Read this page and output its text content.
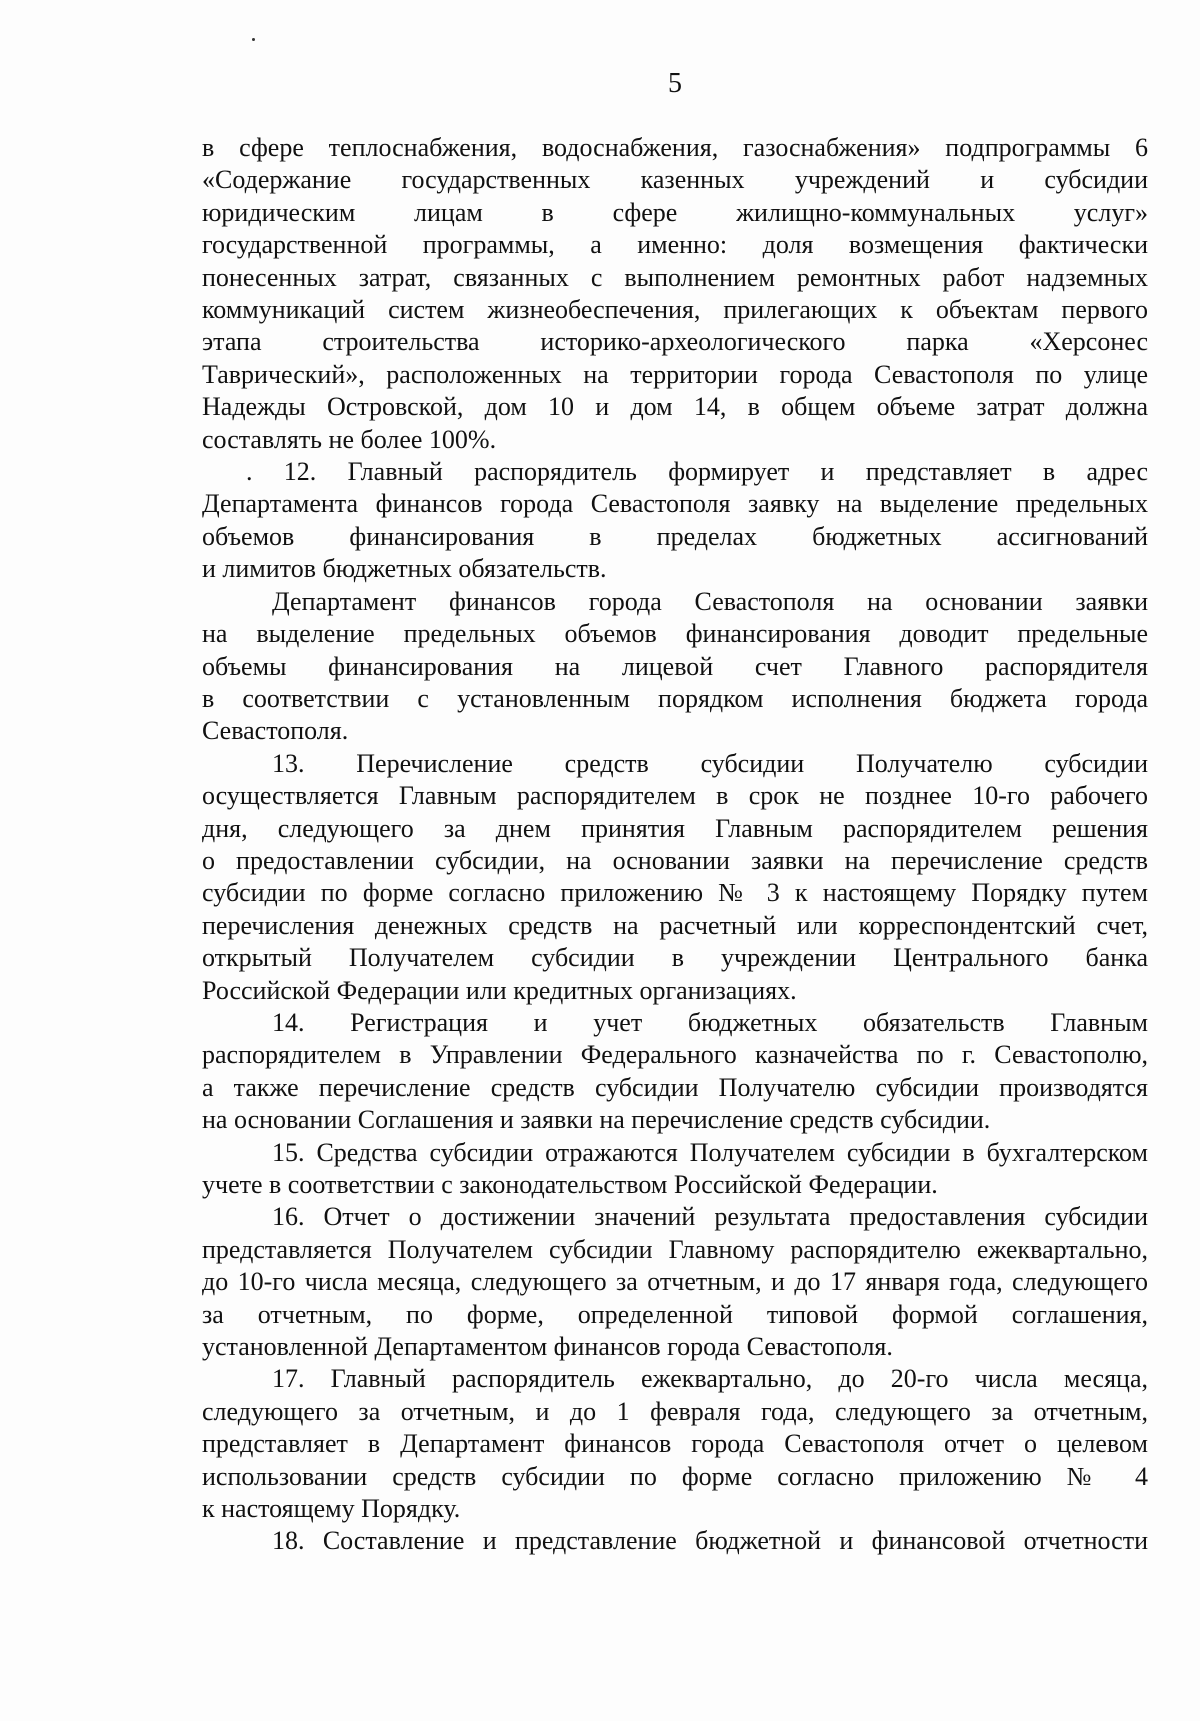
5
в сфере теплоснабжения, водоснабжения, газоснабжения» подпрограммы 6
«Содержание государственных казенных учреждений и субсидии
юридическим лицам в сфере жилищно-коммунальных услуг»
государственной программы, а именно: доля возмещения фактически
понесенных затрат, связанных с выполнением ремонтных работ надземных
коммуникаций систем жизнеобеспечения, прилегающих к объектам первого
этапа строительства историко-археологического парка «Херсонес
Таврический», расположенных на территории города Севастополя по улице
Надежды Островской, дом 10 и дом 14, в общем объеме затрат должна
составлять не более 100%.
. 12. Главный распорядитель формирует и представляет в адрес
Департамента финансов города Севастополя заявку на выделение предельных
объемов финансирования в пределах бюджетных ассигнований
и лимитов бюджетных обязательств.
Департамент финансов города Севастополя на основании заявки
на выделение предельных объемов финансирования доводит предельные
объемы финансирования на лицевой счет Главного распорядителя
в соответствии с установленным порядком исполнения бюджета города
Севастополя.
13. Перечисление средств субсидии Получателю субсидии
осуществляется Главным распорядителем в срок не позднее 10-го рабочего
дня, следующего за днем принятия Главным распорядителем решения
о предоставлении субсидии, на основании заявки на перечисление средств
субсидии по форме согласно приложению № 3 к настоящему Порядку путем
перечисления денежных средств на расчетный или корреспондентский счет,
открытый Получателем субсидии в учреждении Центрального банка
Российской Федерации или кредитных организациях.
14. Регистрация и учет бюджетных обязательств Главным
распорядителем в Управлении Федерального казначейства по г. Севастополю,
а также перечисление средств субсидии Получателю субсидии производятся
на основании Соглашения и заявки на перечисление средств субсидии.
15. Средства субсидии отражаются Получателем субсидии в бухгалтерском
учете в соответствии с законодательством Российской Федерации.
16. Отчет о достижении значений результата предоставления субсидии
представляется Получателем субсидии Главному распорядителю ежеквартально,
до 10-го числа месяца, следующего за отчетным, и до 17 января года, следующего
за отчетным, по форме, определенной типовой формой соглашения,
установленной Департаментом финансов города Севастополя.
17. Главный распорядитель ежеквартально, до 20-го числа месяца,
следующего за отчетным, и до 1 февраля года, следующего за отчетным,
представляет в Департамент финансов города Севастополя отчет о целевом
использовании средств субсидии по форме согласно приложению № 4
к настоящему Порядку.
18. Составление и представление бюджетной и финансовой отчетности
